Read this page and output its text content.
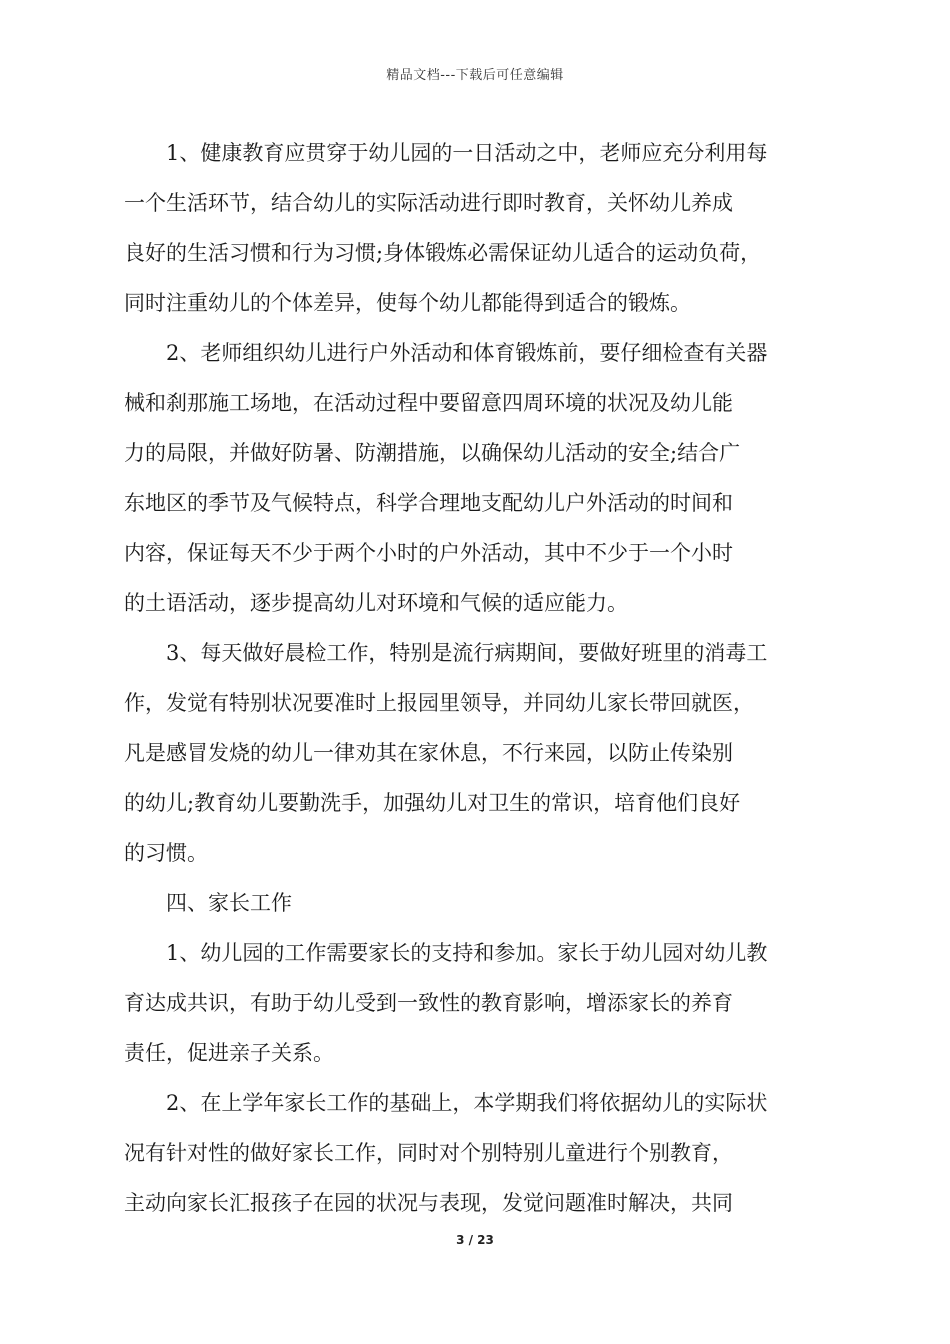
精品文档---下载后可任意编辑
1、健康教育应贯穿于幼儿园的一日活动之中，老师应充分利用每
一个生活环节，结合幼儿的实际活动进行即时教育，关怀幼儿养成
良好的生活习惯和行为习惯;身体锻炼必需保证幼儿适合的运动负荷，
同时注重幼儿的个体差异，使每个幼儿都能得到适合的锻炼。
2、老师组织幼儿进行户外活动和体育锻炼前，要仔细检查有关器
械和刹那施工场地，在活动过程中要留意四周环境的状况及幼儿能
力的局限，并做好防暑、防潮措施，以确保幼儿活动的安全;结合广
东地区的季节及气候特点，科学合理地支配幼儿户外活动的时间和
内容，保证每天不少于两个小时的户外活动，其中不少于一个小时
的土语活动，逐步提高幼儿对环境和气候的适应能力。
3、每天做好晨检工作，特别是流行病期间，要做好班里的消毒工
作，发觉有特别状况要准时上报园里领导，并同幼儿家长带回就医，
凡是感冒发烧的幼儿一律劝其在家休息，不行来园，以防止传染别
的幼儿;教育幼儿要勤洗手，加强幼儿对卫生的常识，培育他们良好
的习惯。
四、家长工作
1、幼儿园的工作需要家长的支持和参加。家长于幼儿园对幼儿教
育达成共识，有助于幼儿受到一致性的教育影响，增添家长的养育
责任，促进亲子关系。
2、在上学年家长工作的基础上，本学期我们将依据幼儿的实际状
况有针对性的做好家长工作，同时对个别特别儿童进行个别教育，
主动向家长汇报孩子在园的状况与表现，发觉问题准时解决，共同
3 / 23
